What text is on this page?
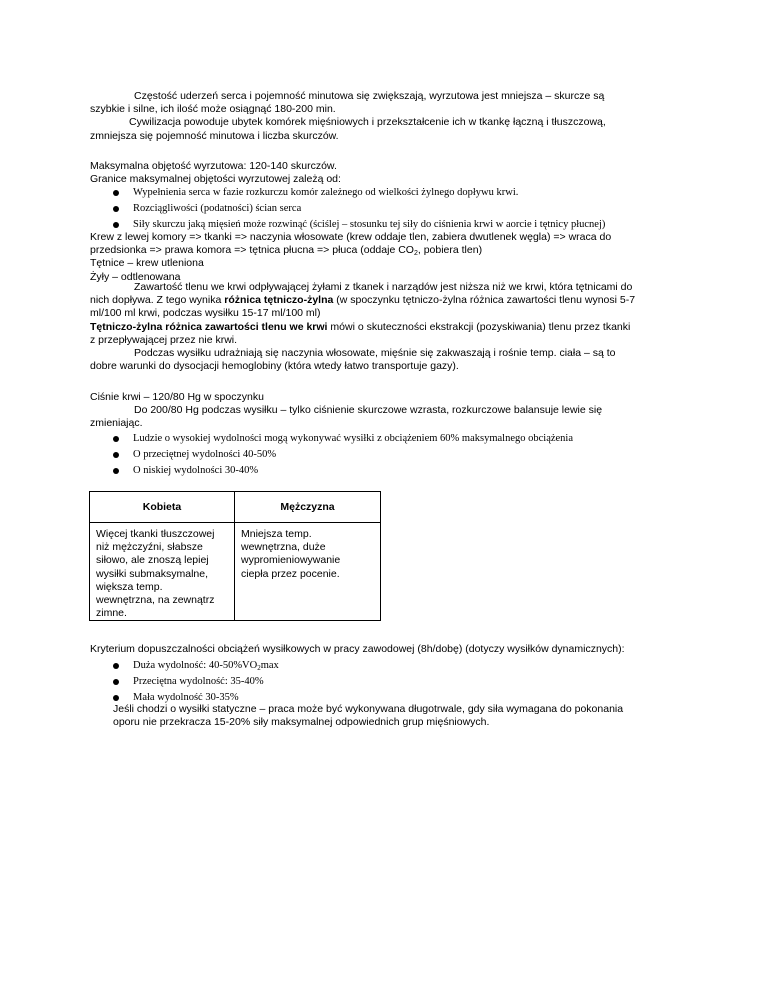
Częstość uderzeń serca i pojemność minutowa się zwiększają, wyrzutowa jest mniejsza – skurcze są
szybkie i silne, ich ilość może osiągnąć 180-200 min.
Cywilizacja powoduje ubytek komórek mięśniowych i przekształcenie ich w tkankę łączną i tłuszczową,
zmniejsza się pojemność minutowa i liczba skurczów.
Maksymalna objętość wyrzutowa: 120-140 skurczów.
Granice maksymalnej objętości wyrzutowej zależą od:
Wypełnienia serca w fazie rozkurczu komór zależnego od wielkości żylnego dopływu krwi.
Rozciągliwości (podatności) ścian serca
Siły skurczu jaką mięsień może rozwinąć (ściślej – stosunku tej siły do ciśnienia krwi w aorcie i tętnicy płucnej)
Krew z lewej komory => tkanki => naczynia włosowate (krew oddaje tlen, zabiera dwutlenek węgla) => wraca do
przedsionka => prawa komora => tętnica płucna => płuca (oddaje $CO_2$, pobiera tlen)
Tętnice – krew utleniona
Żyły – odtlenowana
Zawartość tlenu we krwi odpływającej żyłami z tkanek i narządów jest niższa niż we krwi, która tętnicami do
nich dopływa. Z tego wynika różnica tętniczo-żylna (w spoczynku tętniczo-żylna różnica zawartości tlenu wynosi 5-7
ml/100 ml krwi, podczas wysiłku 15-17 ml/100 ml)
Tętniczo-żylna różnica zawartości tlenu we krwi mówi o skuteczności ekstrakcji (pozyskiwania) tlenu przez tkanki
z przepływającej przez nie krwi.
Podczas wysiłku udrażniają się naczynia włosowate, mięśnie się zakwaszają i rośnie temp. ciała – są to
dobre warunki do dysocjacji hemoglobiny (która wtedy łatwo transportuje gazy).
Ciśnie krwi – 120/80 Hg w spoczynku
Do 200/80 Hg podczas wysiłku – tylko ciśnienie skurczowe wzrasta, rozkurczowe balansuje lewie się
zmieniając.
Ludzie o wysokiej wydolności mogą wykonywać wysiłki z obciążeniem 60% maksymalnego obciążenia
O przeciętnej wydolności 40-50%
O niskiej wydolności 30-40%
Kobieta	Mężczyzna
Więcej tkanki tłuszczowej
niż mężczyźni, słabsze
siłowo, ale znoszą lepiej
wysiłki submaksymalne,
większa temp.
wewnętrzna, na zewnątrz
zimne.
Mniejsza temp.
wewnętrzna, duże
wypromieniowywanie
ciepła przez pocenie.
Kryterium dopuszczalności obciążeń wysiłkowych w pracy zawodowej (8h/dobę) (dotyczy wysiłków dynamicznych):
Duża wydolność: $40-50\%VO_2\max$
Przeciętna wydolność: 35-40%
Mała wydolność 30-35%
Jeśli chodzi o wysiłki statyczne – praca może być wykonywana długotrwale, gdy siła wymagana do pokonania
oporu nie przekracza 15-20% siły maksymalnej odpowiednich grup mięśniowych.
